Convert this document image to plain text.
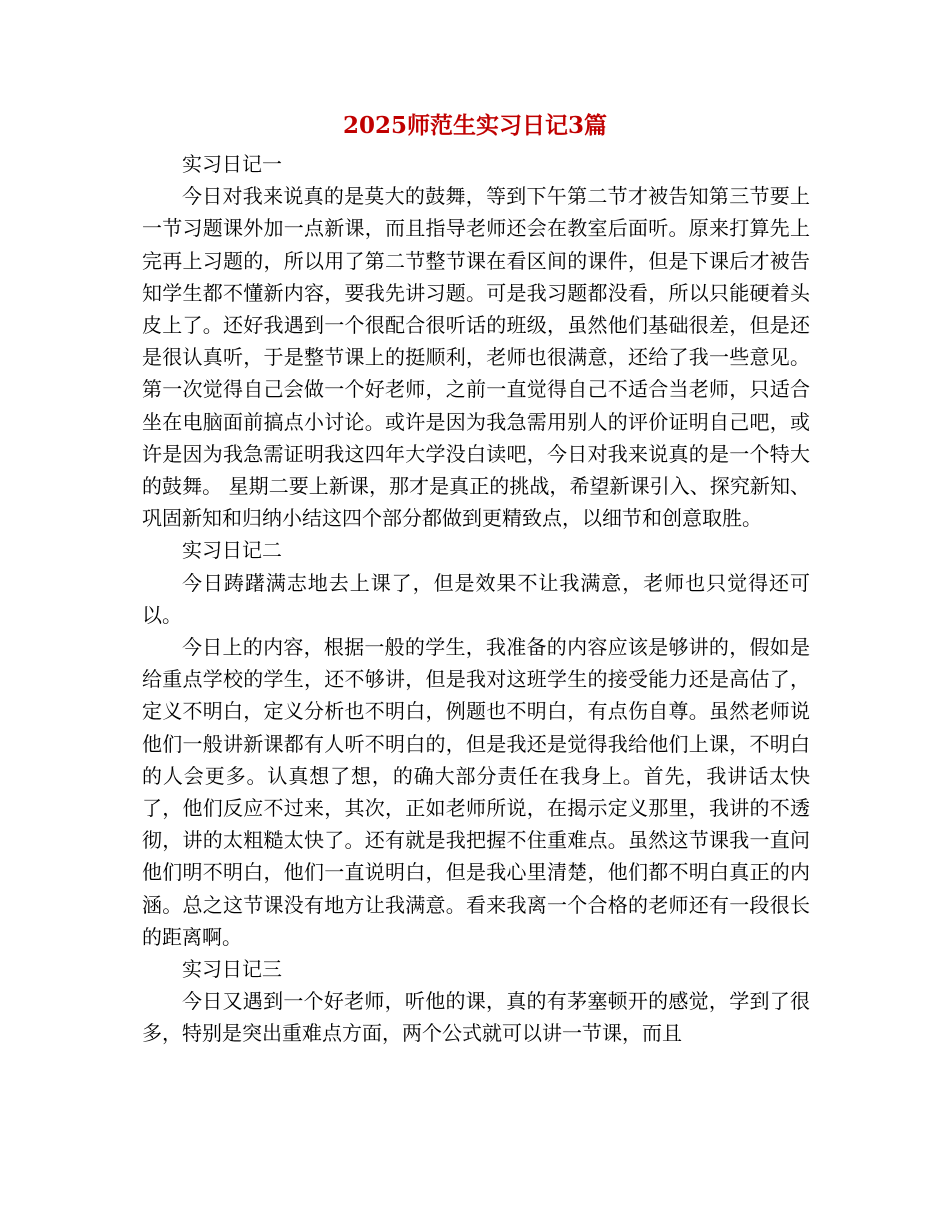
2025师范生实习日记3篇
实习日记一

今日对我来说真的是莫大的鼓舞，等到下午第二节才被告知第三节要上一节习题课外加一点新课，而且指导老师还会在教室后面听。原来打算先上完再上习题的，所以用了第二节整节课在看区间的课件，但是下课后才被告知学生都不懂新内容，要我先讲习题。可是我习题都没看，所以只能硬着头皮上了。还好我遇到一个很配合很听话的班级，虽然他们基础很差，但是还是很认真听，于是整节课上的挺顺利，老师也很满意，还给了我一些意见。第一次觉得自己会做一个好老师，之前一直觉得自己不适合当老师，只适合坐在电脑面前搞点小讨论。或许是因为我急需用别人的评价证明自己吧，或许是因为我急需证明我这四年大学没白读吧，今日对我来说真的是一个特大的鼓舞。 星期二要上新课，那才是真正的挑战，希望新课引入、探究新知、巩固新知和归纳小结这四个部分都做到更精致点，以细节和创意取胜。

实习日记二

今日踌躇满志地去上课了，但是效果不让我满意，老师也只觉得还可以。

今日上的内容，根据一般的学生，我准备的内容应该是够讲的，假如是给重点学校的学生，还不够讲，但是我对这班学生的接受能力还是高估了，定义不明白，定义分析也不明白，例题也不明白，有点伤自尊。虽然老师说他们一般讲新课都有人听不明白的，但是我还是觉得我给他们上课，不明白的人会更多。认真想了想，的确大部分责任在我身上。首先，我讲话太快了，他们反应不过来，其次，正如老师所说，在揭示定义那里，我讲的不透彻，讲的太粗糙太快了。还有就是我把握不住重难点。虽然这节课我一直问他们明不明白，他们一直说明白，但是我心里清楚，他们都不明白真正的内涵。总之这节课没有地方让我满意。看来我离一个合格的老师还有一段很长的距离啊。

实习日记三

今日又遇到一个好老师，听他的课，真的有茅塞顿开的感觉，学到了很多，特别是突出重难点方面，两个公式就可以讲一节课，而且
